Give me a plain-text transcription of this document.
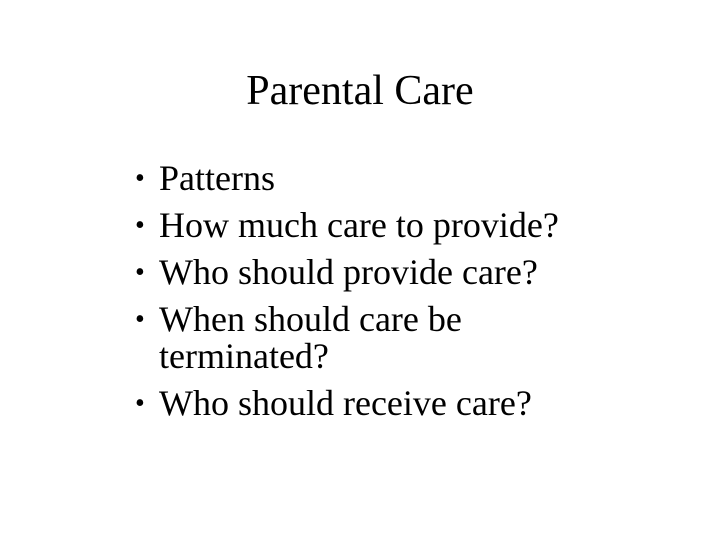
Parental Care
• Patterns
• How much care to provide?
• Who should provide care?
• When should care be terminated?
• Who should receive care?
